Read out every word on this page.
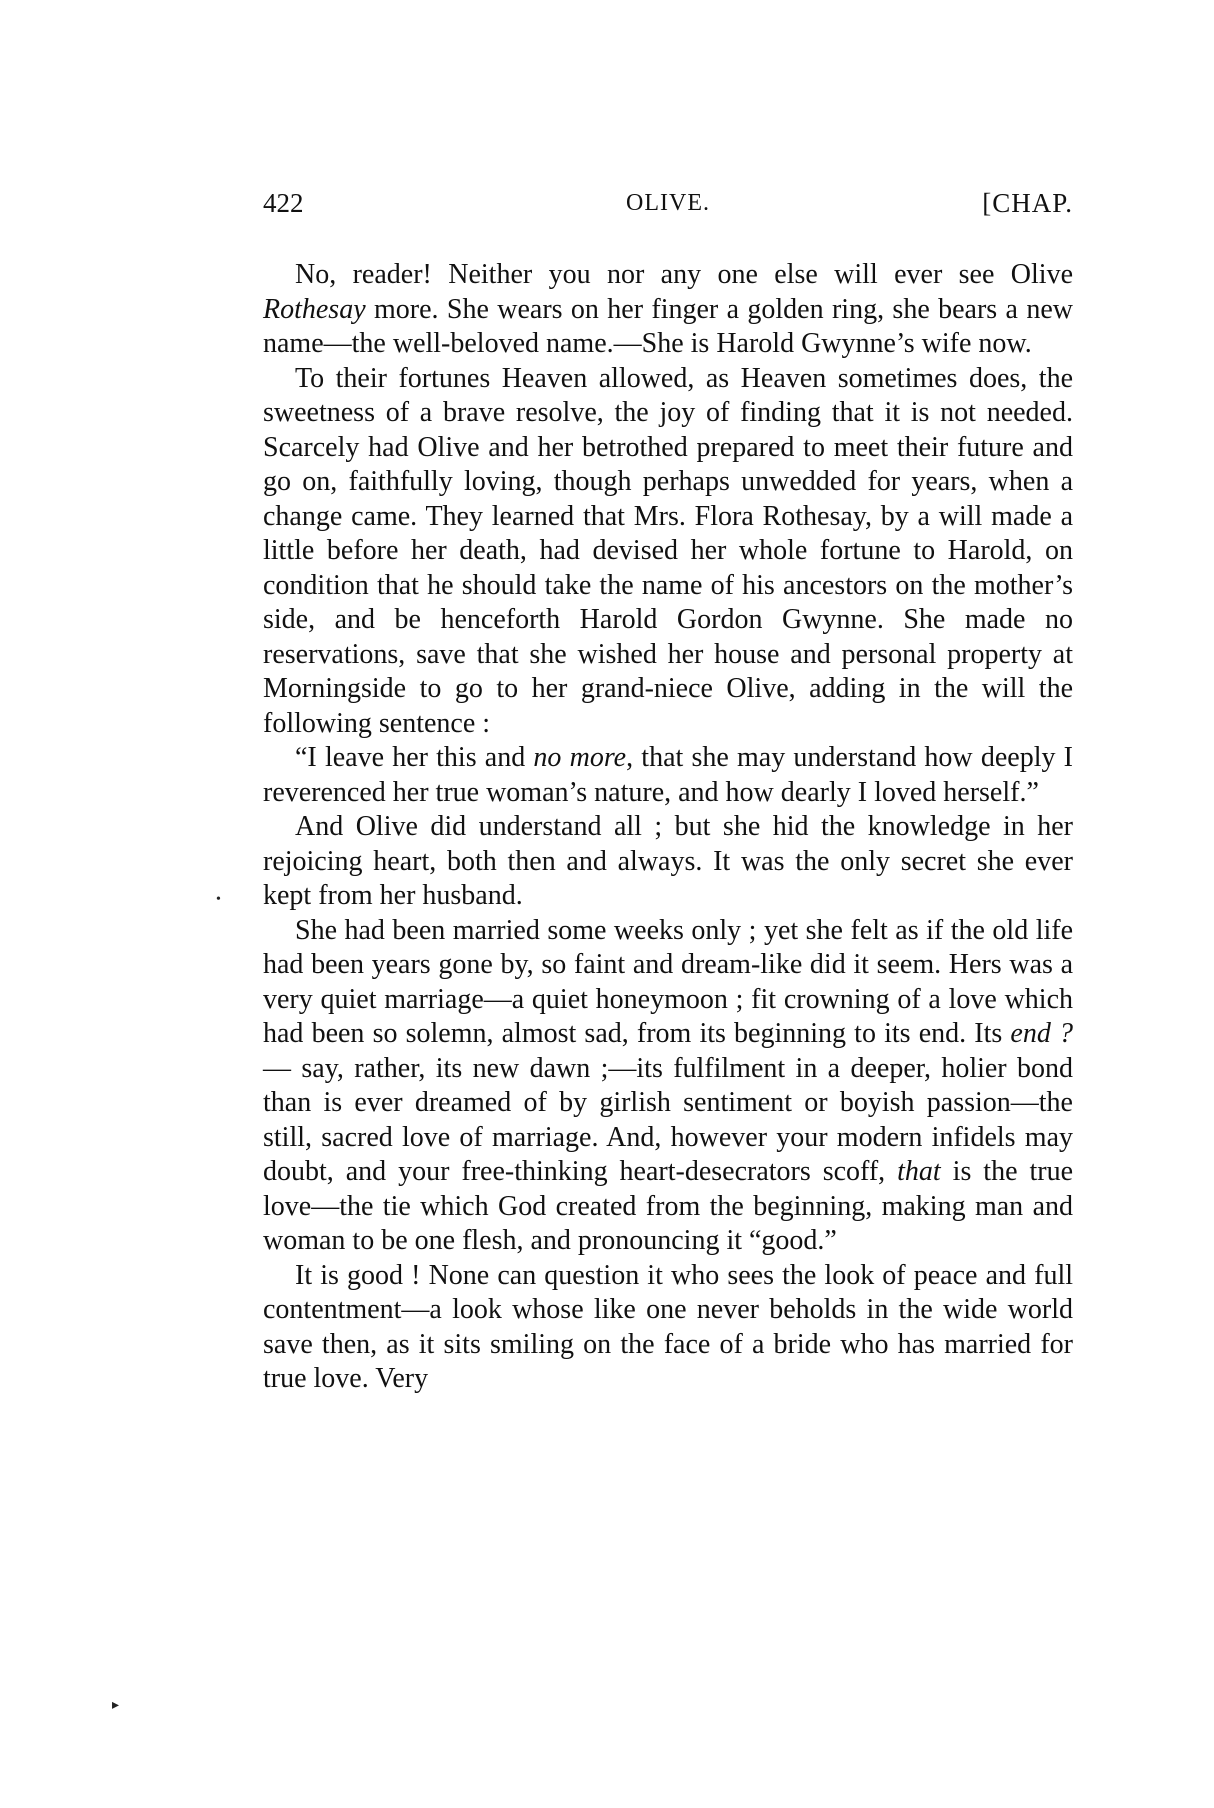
422	OLIVE.	[CHAP.

No, reader! Neither you nor any one else will ever see Olive Rothesay more. She wears on her finger a golden ring, she bears a new name—the well-beloved name.—She is Harold Gwynne’s wife now.

To their fortunes Heaven allowed, as Heaven sometimes does, the sweetness of a brave resolve, the joy of finding that it is not needed. Scarcely had Olive and her betrothed prepared to meet their future and go on, faithfully loving, though perhaps unwedded for years, when a change came. They learned that Mrs. Flora Rothesay, by a will made a little before her death, had devised her whole fortune to Harold, on condition that he should take the name of his ancestors on the mother’s side, and be henceforth Harold Gordon Gwynne. She made no reservations, save that she wished her house and personal property at Morningside to go to her grand-niece Olive, adding in the will the following sentence :

“I leave her this and no more, that she may understand how deeply I reverenced her true woman’s nature, and how dearly I loved herself.”

And Olive did understand all ; but she hid the knowledge in her rejoicing heart, both then and always. It was the only secret she ever kept from her husband.

She had been married some weeks only ; yet she felt as if the old life had been years gone by, so faint and dream-like did it seem. Hers was a very quiet marriage—a quiet honeymoon ; fit crowning of a love which had been so solemn, almost sad, from its beginning to its end. Its end ?— say, rather, its new dawn ;—its fulfilment in a deeper, holier bond than is ever dreamed of by girlish sentiment or boyish passion—the still, sacred love of marriage. And, however your modern infidels may doubt, and your free-thinking heart-desecrators scoff, that is the true love—the tie which God created from the beginning, making man and woman to be one flesh, and pronouncing it “good.”

It is good ! None can question it who sees the look of peace and full contentment—a look whose like one never beholds in the wide world save then, as it sits smiling on the face of a bride who has married for true love. Very

•
▸
